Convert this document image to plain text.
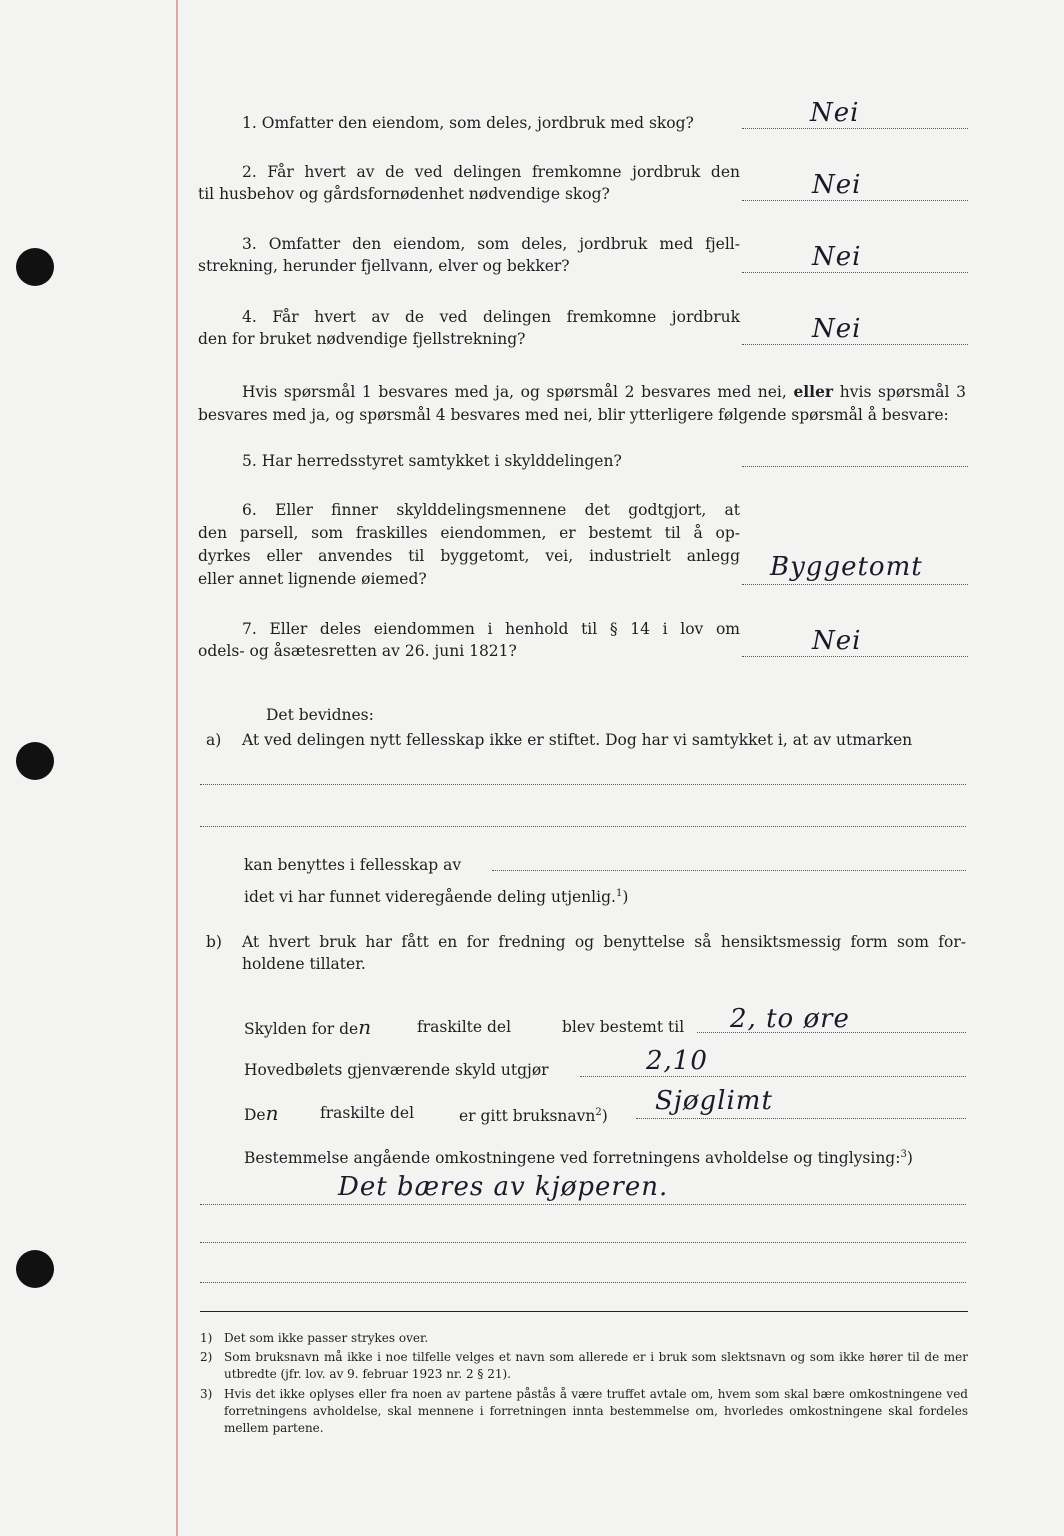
1. Omfatter den eiendom, som deles, jordbruk med skog?	Nei
2. Får hvert av de ved delingen fremkomne jordbruk den
til husbehov og gårdsfornødenhet nødvendige skog?	Nei
3. Omfatter den eiendom, som deles, jordbruk med fjell-
strekning, herunder fjellvann, elver og bekker?	Nei
4. Får hvert av de ved delingen fremkomne jordbruk
den for bruket nødvendige fjellstrekning?	Nei
Hvis spørsmål 1 besvares med ja, og spørsmål 2 besvares med nei, eller hvis spørsmål 3
besvares med ja, og spørsmål 4 besvares med nei, blir ytterligere følgende spørsmål å besvare:
5. Har herredsstyret samtykket i skylddelingen?
6. Eller finner skylddelingsmennene det godtgjort, at
den parsell, som fraskilles eiendommen, er bestemt til å op-
dyrkes eller anvendes til byggetomt, vei, industrielt anlegg
eller annet lignende øiemed?	Byggetomt
7. Eller deles eiendommen i henhold til § 14 i lov om
odels- og åsætesretten av 26. juni 1821?	Nei
Det bevidnes:
a) At ved delingen nytt fellesskap ikke er stiftet. Dog har vi samtykket i, at av utmarken
kan benyttes i fellesskap av
idet vi har funnet videregående deling utjenlig.$^1$)
b) At hvert bruk har fått en for fredning og benyttelse så hensiktsmessig form som for-
holdene tillater.
Skylden for den	fraskilte del	blev bestemt til 2, to øre
Hovedbølets gjenværende skyld utgjør	2,10
Den	fraskilte del	er gitt bruksnavn$^2$)
Sjøglimt
Bestemmelse angående omkostningene ved forretningens avholdelse og tinglysing:$^3$)
Det bæres av kjøperen.
1) Det som ikke passer strykes over.
2) Som bruksnavn må ikke i noe tilfelle velges et navn som allerede er i bruk som slektsnavn og som ikke hører til de mer utbredte (jfr. lov. av 9. februar 1923 nr. 2 § 21).
3) Hvis det ikke oplyses eller fra noen av partene påstås å være truffet avtale om, hvem som skal bære omkostningene ved forretningens avholdelse, skal mennene i forretningen innta bestemmelse om, hvorledes omkostningene skal fordeles mellem partene.
